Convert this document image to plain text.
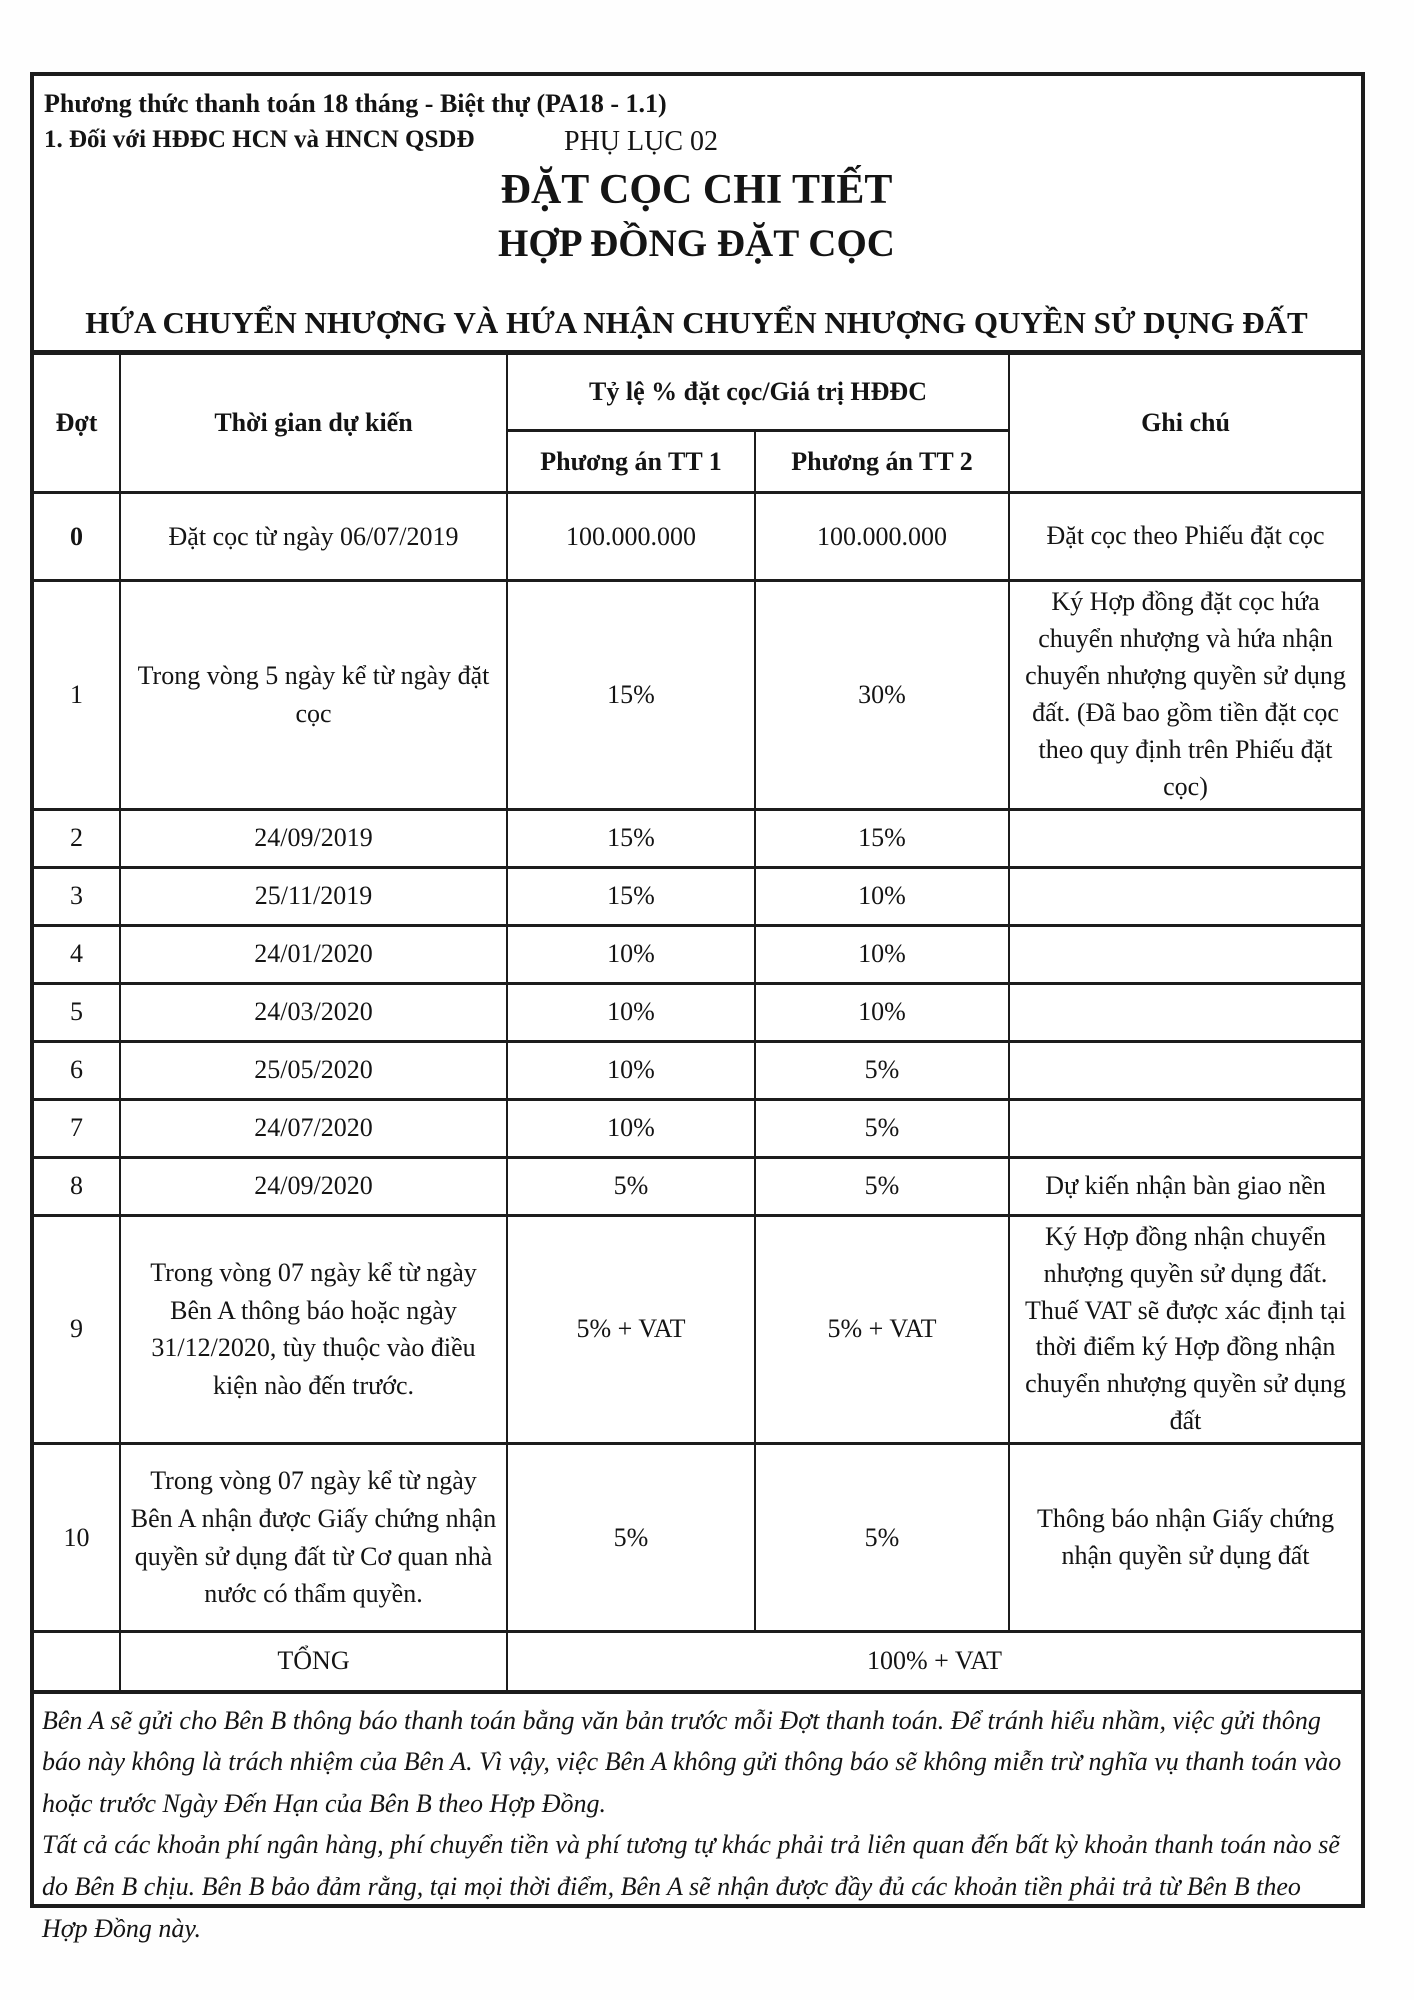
Phương thức thanh toán 18 tháng - Biệt thự (PA18 - 1.1)
1. Đối với HĐĐC HCN và HNCN QSDĐ	PHỤ LỤC 02
ĐẶT CỌC CHI TIẾT
HỢP ĐỒNG ĐẶT CỌC
HỨA CHUYỂN NHƯỢNG VÀ HỨA NHẬN CHUYỂN NHƯỢNG QUYỀN SỬ DỤNG ĐẤT
Đợt	Thời gian dự kiến	Tỷ lệ % đặt cọc/Giá trị HĐĐC		Ghi chú
		Phương án TT 1	Phương án TT 2	
0	Đặt cọc từ ngày 06/07/2019	100.000.000	100.000.000	Đặt cọc theo Phiếu đặt cọc
1	Trong vòng 5 ngày kể từ ngày đặt cọc	15%	30%	Ký Hợp đồng đặt cọc hứa chuyển nhượng và hứa nhận chuyển nhượng quyền sử dụng đất. (Đã bao gồm tiền đặt cọc theo quy định trên Phiếu đặt cọc)
2	24/09/2019	15%	15%	
3	25/11/2019	15%	10%	
4	24/01/2020	10%	10%	
5	24/03/2020	10%	10%	
6	25/05/2020	10%	5%	
7	24/07/2020	10%	5%	
8	24/09/2020	5%	5%	Dự kiến nhận bàn giao nền
9	Trong vòng 07 ngày kể từ ngày Bên A thông báo hoặc ngày 31/12/2020, tùy thuộc vào điều kiện nào đến trước.	5% + VAT	5% + VAT	Ký Hợp đồng nhận chuyển nhượng quyền sử dụng đất. Thuế VAT sẽ được xác định tại thời điểm ký Hợp đồng nhận chuyển nhượng quyền sử dụng đất
10	Trong vòng 07 ngày kể từ ngày Bên A nhận được Giấy chứng nhận quyền sử dụng đất từ Cơ quan nhà nước có thẩm quyền.	5%	5%	Thông báo nhận Giấy chứng nhận quyền sử dụng đất
	TỔNG	100% + VAT		

Bên A sẽ gửi cho Bên B thông báo thanh toán bằng văn bản trước mỗi Đợt thanh toán. Để tránh hiểu nhầm, việc gửi thông báo này không là trách nhiệm của Bên A. Vì vậy, việc Bên A không gửi thông báo sẽ không miễn trừ nghĩa vụ thanh toán vào hoặc trước Ngày Đến Hạn của Bên B theo Hợp Đồng.

Tất cả các khoản phí ngân hàng, phí chuyển tiền và phí tương tự khác phải trả liên quan đến bất kỳ khoản thanh toán nào sẽ do Bên B chịu. Bên B bảo đảm rằng, tại mọi thời điểm, Bên A sẽ nhận được đầy đủ các khoản tiền phải trả từ Bên B theo Hợp Đồng này.
